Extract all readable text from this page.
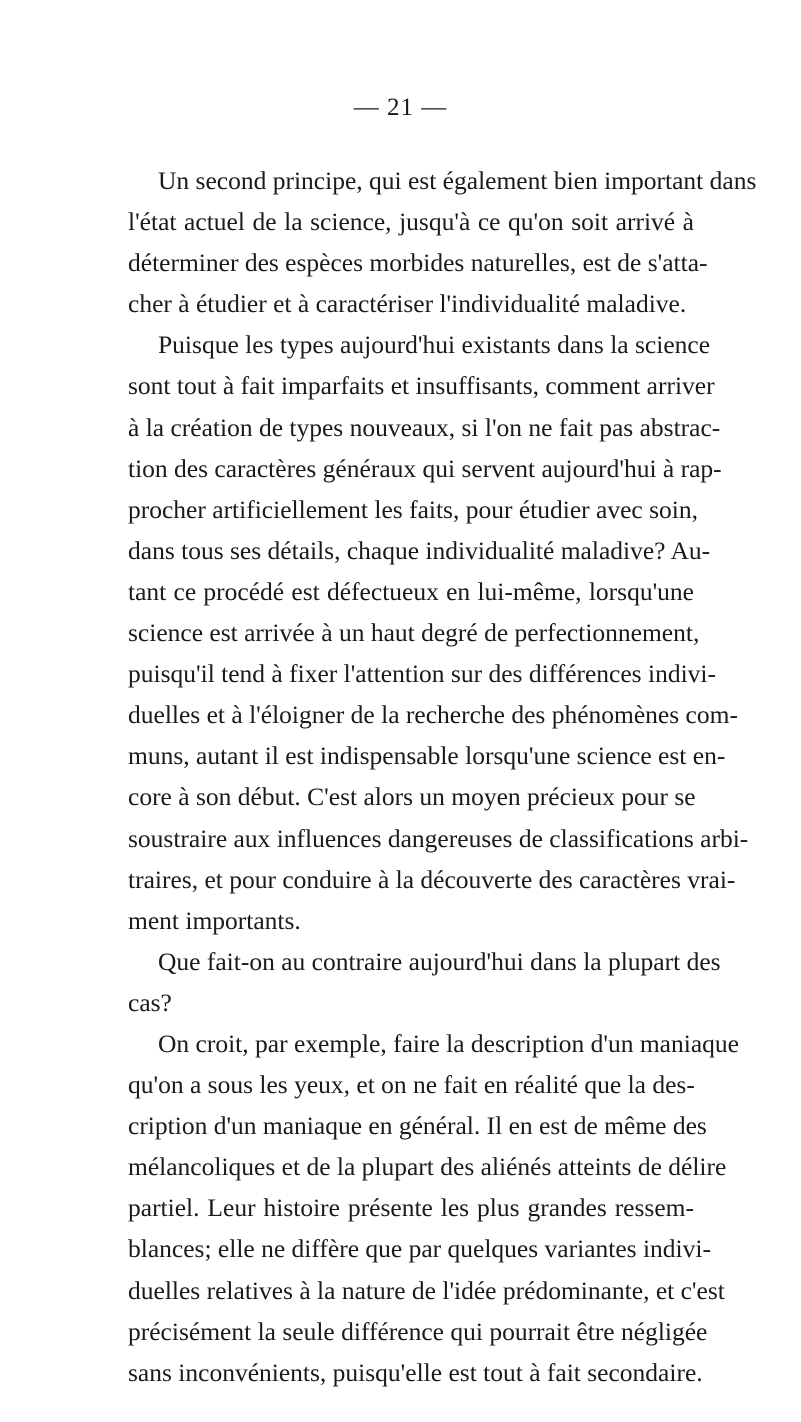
— 21 —
Un second principe, qui est également bien important dans
l'état actuel de la science, jusqu'à ce qu'on soit arrivé à
déterminer des espèces morbides naturelles, est de s'atta-
cher à étudier et à caractériser l'individualité maladive.
Puisque les types aujourd'hui existants dans la science
sont tout à fait imparfaits et insuffisants, comment arriver
à la création de types nouveaux, si l'on ne fait pas abstrac-
tion des caractères généraux qui servent aujourd'hui à rap-
procher artificiellement les faits, pour étudier avec soin,
dans tous ses détails, chaque individualité maladive? Au-
tant ce procédé est défectueux en lui-même, lorsqu'une
science est arrivée à un haut degré de perfectionnement,
puisqu'il tend à fixer l'attention sur des différences indivi-
duelles et à l'éloigner de la recherche des phénomènes com-
muns, autant il est indispensable lorsqu'une science est en-
core à son début. C'est alors un moyen précieux pour se
soustraire aux influences dangereuses de classifications arbi-
traires, et pour conduire à la découverte des caractères vrai-
ment importants.
Que fait-on au contraire aujourd'hui dans la plupart des
cas?
On croit, par exemple, faire la description d'un maniaque
qu'on a sous les yeux, et on ne fait en réalité que la des-
cription d'un maniaque en général. Il en est de même des
mélancoliques et de la plupart des aliénés atteints de délire
partiel. Leur histoire présente les plus grandes ressem-
blances; elle ne diffère que par quelques variantes indivi-
duelles relatives à la nature de l'idée prédominante, et c'est
précisément la seule différence qui pourrait être négligée
sans inconvénients, puisqu'elle est tout à fait secondaire.
